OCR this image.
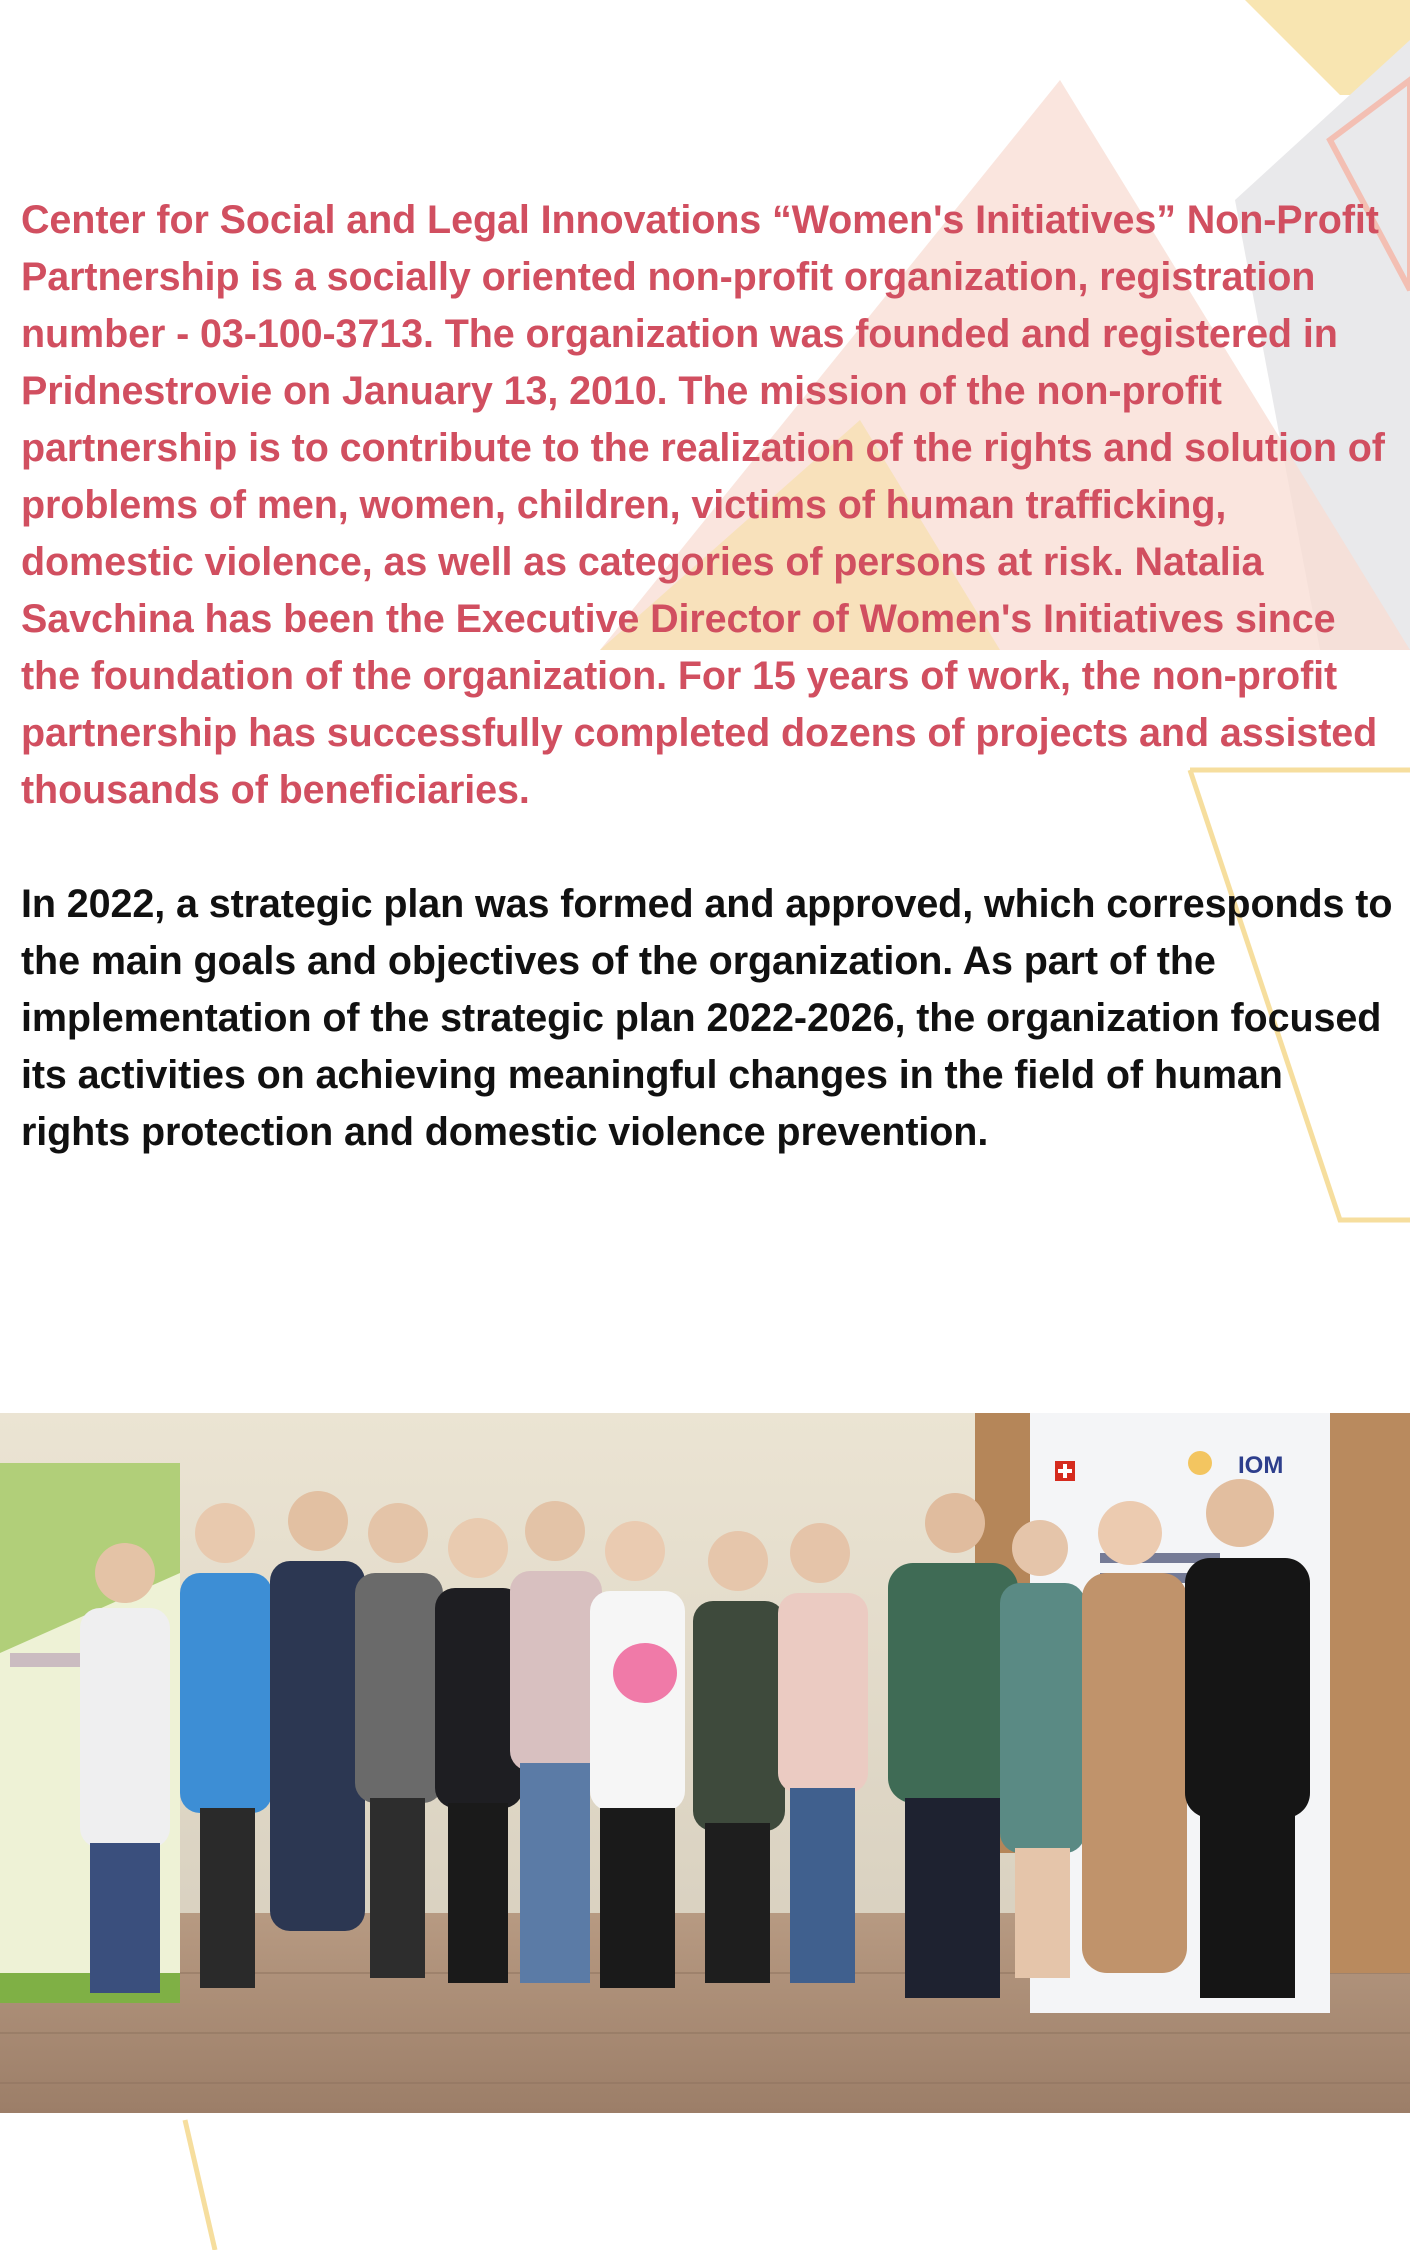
Center for Social and Legal Innovations “Women's Initiatives” Non-Profit Partnership is a socially oriented non-profit organization, registration number - 03-100-3713. The organization was founded and registered in Pridnestrovie on January 13, 2010. The mission of the non-profit partnership is to contribute to the realization of the rights and solution of problems of men, women, children, victims of human trafficking, domestic violence, as well as categories of persons at risk. Natalia Savchina has been the Executive Director of Women's Initiatives since the foundation of the organization. For 15 years of work, the non-profit partnership has successfully completed dozens of projects and assisted thousands of beneficiaries.

In 2022, a strategic plan was formed and approved, which corresponds to the main goals and objectives of the organization. As part of the implementation of the strategic plan 2022-2026, the organization focused its activities on achieving meaningful changes in the field of human rights protection and domestic violence prevention.

IOM
